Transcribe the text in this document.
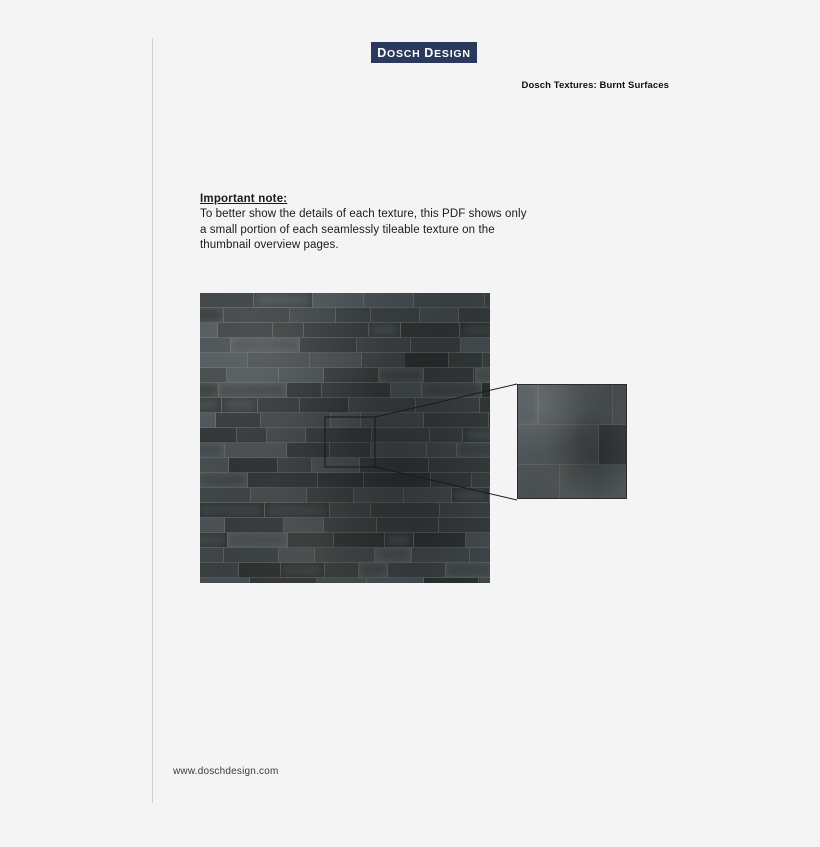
DOSCH DESIGN
Dosch Textures: Burnt Surfaces

Important note:

To better show the details of each texture, this PDF shows only a small portion of each seamlessly tileable texture on the thumbnail overview pages.

www.doschdesign.com
